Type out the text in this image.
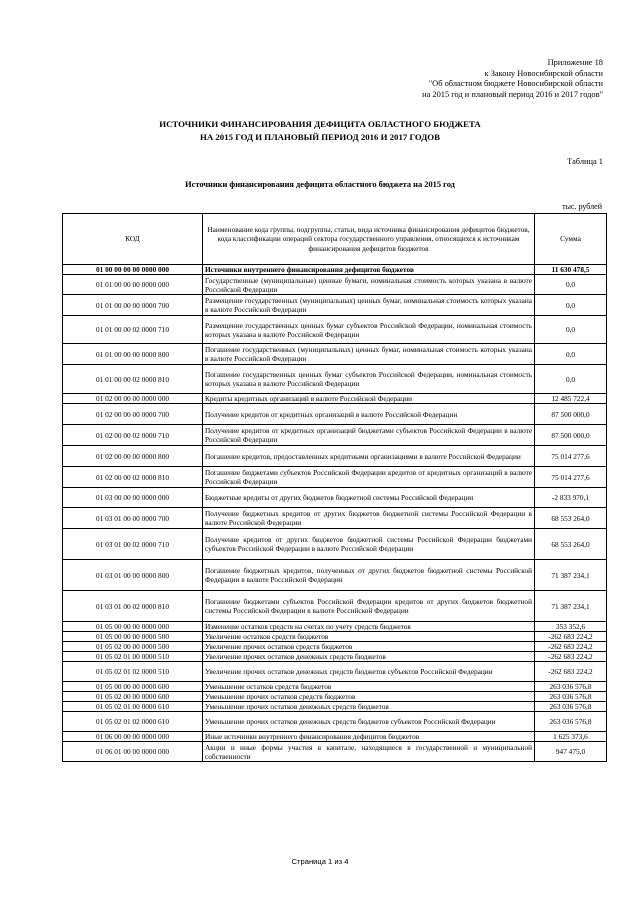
Приложение 18
к Закону Новосибирской области
"Об областном бюджете Новосибирской области
на 2015 год и плановый период 2016 и 2017 годов"
ИСТОЧНИКИ ФИНАНСИРОВАНИЯ ДЕФИЦИТА ОБЛАСТНОГО БЮДЖЕТА
НА 2015 ГОД И ПЛАНОВЫЙ ПЕРИОД 2016 И 2017 ГОДОВ
Таблица 1
Источники финансирования дефицита областного бюджета на 2015 год
тыс. рублей
КОД	Наименование кода группы, подгруппы, статьи, вида источника финансирования дефицитов бюджетов, кода классификации операций сектора государственного управления, относящихся к источникам финансирования дефицитов бюджетов	Сумма
01 00 00 00 00 0000 000	Источники внутреннего финансирования дефицитов бюджетов	11 630 478,5
01 01 00 00 00 0000 000	Государственные (муниципальные) ценные бумаги, номинальная стоимость которых указана в валюте Российской Федерации	0,0
01 01 00 00 00 0000 700	Размещение государственных (муниципальных) ценных бумаг, номинальная стоимость которых указана в валюте Российской Федерации	0,0
01 01 00 00 02 0000 710	Размещение государственных ценных бумаг субъектов Российской Федерации, номинальная стоимость которых указана в валюте Российской Федерации	0,0
01 01 00 00 00 0000 800	Погашение государственных (муниципальных) ценных бумаг, номинальная стоимость которых указана в валюте Российской Федерации	0,0
01 01 00 00 02 0000 810	Погашение государственных ценных бумаг субъектов Российской Федерации, номинальная стоимость которых указана в валюте Российской Федерации	0,0
01 02 00 00 00 0000 000	Кредиты кредитных организаций в валюте Российской Федерации	12 485 722,4
01 02 00 00 00 0000 700	Получение кредитов от кредитных организаций в валюте Российской Федерации	87 500 000,0
01 02 00 00 02 0000 710	Получение кредитов от кредитных организаций бюджетами субъектов Российской Федерации в валюте Российской Федерации	87 500 000,0
01 02 00 00 00 0000 800	Погашение кредитов, предоставленных кредитными организациями в валюте Российской Федерации	75 014 277,6
01 02 00 00 02 0000 810	Погашение бюджетами субъектов Российской Федерации кредитов от кредитных организаций в валюте Российской Федерации	75 014 277,6
01 03 00 00 00 0000 000	Бюджетные кредиты от других бюджетов бюджетной системы Российской Федерации	-2 833 970,1
01 03 01 00 00 0000 700	Получение бюджетных кредитов от других бюджетов бюджетной системы Российской Федерации в валюте Российской Федерации	68 553 264,0
01 03 01 00 02 0000 710	Получение кредитов от других бюджетов бюджетной системы Российской Федерации бюджетами субъектов Российской Федерации в валюте Российской Федерации	68 553 264,0
01 03 01 00 00 0000 800	Погашение бюджетных кредитов, полученных от других бюджетов бюджетной системы Российской Федерации в валюте Российской Федерации	71 387 234,1
01 03 01 00 02 0000 810	Погашение бюджетами субъектов Российской Федерации кредитов от других бюджетов бюджетной системы Российской Федерации в валюте Российской Федерации	71 387 234,1
01 05 00 00 00 0000 000	Изменение остатков средств на счетах по учету средств бюджетов	353 352,6
01 05 00 00 00 0000 500	Увеличение остатков средств бюджетов	-262 683 224,2
01 05 02 00 00 0000 500	Увеличение прочих остатков средств бюджетов	-262 683 224,2
01 05 02 01 00 0000 510	Увеличение прочих остатков денежных средств бюджетов	-262 683 224,2
01 05 02 01 02 0000 510	Увеличение прочих остатков денежных средств бюджетов субъектов Российской Федерации	-262 683 224,2
01 05 00 00 00 0000 600	Уменьшение остатков средств бюджетов	263 036 576,8
01 05 02 00 00 0000 600	Уменьшение прочих остатков средств бюджетов	263 036 576,8
01 05 02 01 00 0000 610	Уменьшение прочих остатков денежных средств бюджетов	263 036 576,8
01 05 02 01 02 0000 610	Уменьшение прочих остатков денежных средств бюджетов субъектов Российской Федерации	263 036 576,8
01 06 00 00 00 0000 000	Иные источники внутреннего финансирования дефицитов бюджетов	1 625 373,6
01 06 01 00 00 0000 000	Акции и иные формы участия в капитале, находящиеся в государственной и муниципальной собственности	947 475,0
Страница 1 из 4
